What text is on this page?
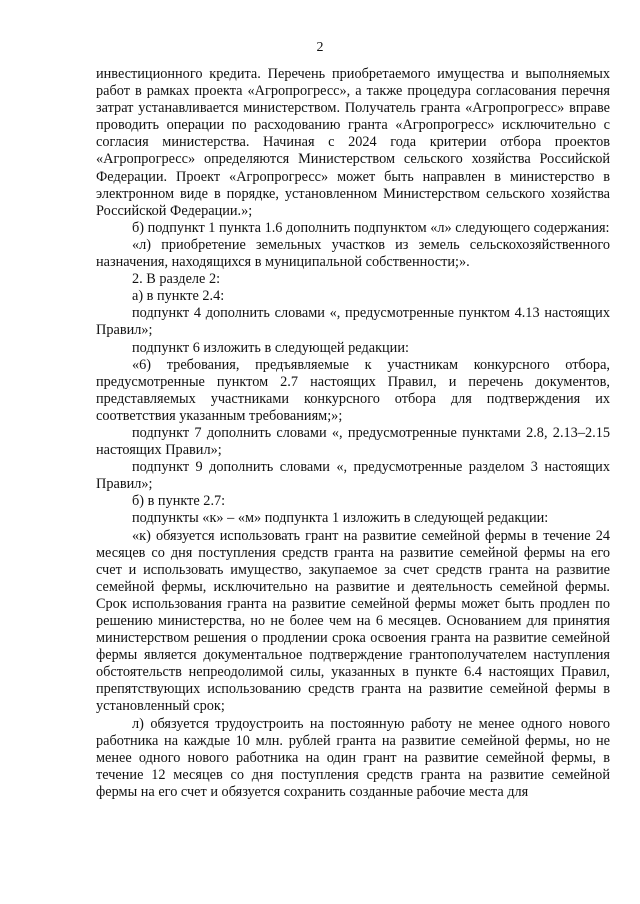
2

инвестиционного кредита. Перечень приобретаемого имущества и выполняемых работ в рамках проекта «Агропрогресс», а также процедура согласования перечня затрат устанавливается министерством. Получатель гранта «Агропрогресс» вправе проводить операции по расходованию гранта «Агропрогресс» исключительно с согласия министерства. Начиная с 2024 года критерии отбора проектов «Агропрогресс» определяются Министерством сельского хозяйства Российской Федерации. Проект «Агропрогресс» может быть направлен в министерство в электронном виде в порядке, установленном Министерством сельского хозяйства Российской Федерации.»;

б) подпункт 1 пункта 1.6 дополнить подпунктом «л» следующего содержания:

«л) приобретение земельных участков из земель сельскохозяйственного назначения, находящихся в муниципальной собственности;».

2. В разделе 2:

а) в пункте 2.4:

подпункт 4 дополнить словами «, предусмотренные пунктом 4.13 настоящих Правил»;

подпункт 6 изложить в следующей редакции:

«6) требования, предъявляемые к участникам конкурсного отбора, предусмотренные пунктом 2.7 настоящих Правил, и перечень документов, представляемых участниками конкурсного отбора для подтверждения их соответствия указанным требованиям;»;

подпункт 7 дополнить словами «, предусмотренные пунктами 2.8, 2.13–2.15 настоящих Правил»;

подпункт 9 дополнить словами «, предусмотренные разделом 3 настоящих Правил»;

б) в пункте 2.7:

подпункты «к» – «м» подпункта 1 изложить в следующей редакции:

«к) обязуется использовать грант на развитие семейной фермы в течение 24 месяцев со дня поступления средств гранта на развитие семейной фермы на его счет и использовать имущество, закупаемое за счет средств гранта на развитие семейной фермы, исключительно на развитие и деятельность семейной фермы. Срок использования гранта на развитие семейной фермы может быть продлен по решению министерства, но не более чем на 6 месяцев. Основанием для принятия министерством решения о продлении срока освоения гранта на развитие семейной фермы является документальное подтверждение грантополучателем наступления обстоятельств непреодолимой силы, указанных в пункте 6.4 настоящих Правил, препятствующих использованию средств гранта на развитие семейной фермы в установленный срок;

л) обязуется трудоустроить на постоянную работу не менее одного нового работника на каждые 10 млн. рублей гранта на развитие семейной фермы, но не менее одного нового работника на один грант на развитие семейной фермы, в течение 12 месяцев со дня поступления средств гранта на развитие семейной фермы на его счет и обязуется сохранить созданные рабочие места для
